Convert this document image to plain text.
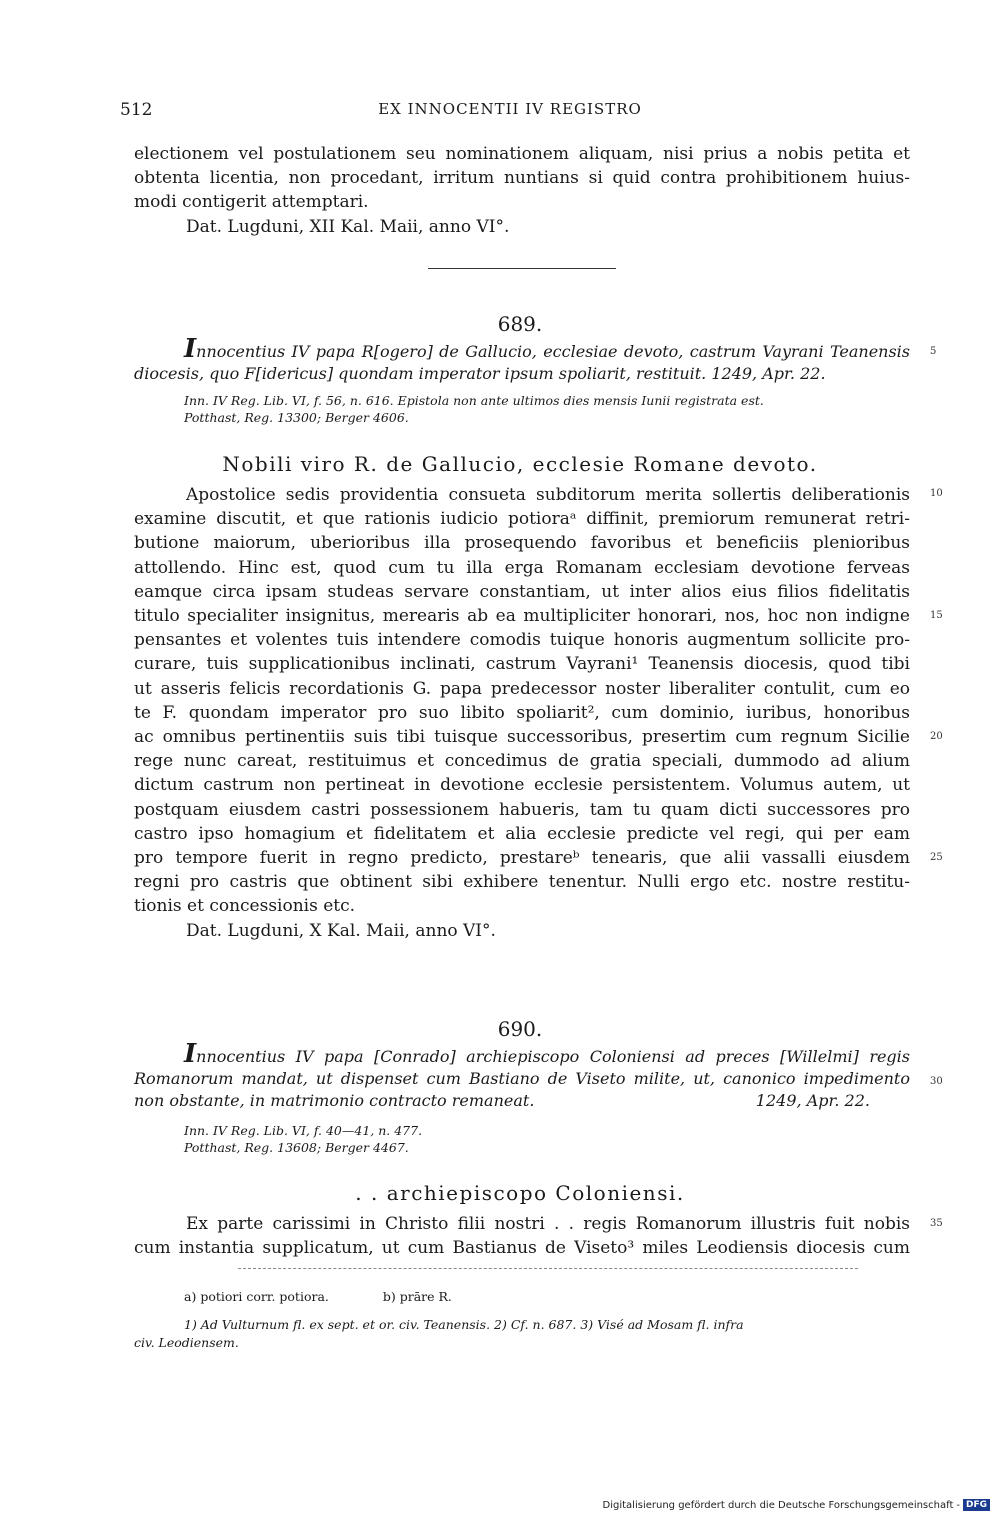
512	EX INNOCENTII IV REGISTRO
electionem vel postulationem seu nominationem aliquam, nisi prius a nobis petita et
obtenta licentia, non procedant, irritum nuntians si quid contra prohibitionem huius-
modi contigerit attemptari.
Dat. Lugduni, XII Kal. Maii, anno VI°.
689.
Innocentius IV papa R[ogero] de Gallucio, ecclesiae devoto, castrum Vayrani Teanensis
diocesis, quo F[idericus] quondam imperator ipsum spoliarit, restituit. 1249, Apr. 22.
Inn. IV Reg. Lib. VI, f. 56, n. 616. Epistola non ante ultimos dies mensis Iunii registrata est.
Potthast, Reg. 13300; Berger 4606.
Nobili viro R. de Gallucio, ecclesie Romane devoto.
Apostolice sedis providentia consueta subditorum merita sollertis deliberationis
examine discutit, et que rationis iudicio potioraᵃ diffinit, premiorum remunerat retri-
butione maiorum, uberioribus illa prosequendo favoribus et beneficiis plenioribus
attollendo. Hinc est, quod cum tu illa erga Romanam ecclesiam devotione ferveas
eamque circa ipsam studeas servare constantiam, ut inter alios eius filios fidelitatis
titulo specialiter insignitus, merearis ab ea multipliciter honorari, nos, hoc non indigne
pensantes et volentes tuis intendere comodis tuique honoris augmentum sollicite pro-
curare, tuis supplicationibus inclinati, castrum Vayrani¹ Teanensis diocesis, quod tibi
ut asseris felicis recordationis G. papa predecessor noster liberaliter contulit, cum eo
te F. quondam imperator pro suo libito spoliarit², cum dominio, iuribus, honoribus
ac omnibus pertinentiis suis tibi tuisque successoribus, presertim cum regnum Sicilie
rege nunc careat, restituimus et concedimus de gratia speciali, dummodo ad alium
dictum castrum non pertineat in devotione ecclesie persistentem. Volumus autem, ut
postquam eiusdem castri possessionem habueris, tam tu quam dicti successores pro
castro ipso homagium et fidelitatem et alia ecclesie predicte vel regi, qui per eam
pro tempore fuerit in regno predicto, prestareᵇ tenearis, que alii vassalli eiusdem
regni pro castris que obtinent sibi exhibere tenentur. Nulli ergo etc. nostre restitu-
tionis et concessionis etc.
Dat. Lugduni, X Kal. Maii, anno VI°.
690.
Innocentius IV papa [Conrado] archiepiscopo Coloniensi ad preces [Willelmi] regis
Romanorum mandat, ut dispenset cum Bastiano de Viseto milite, ut, canonico impedimento
non obstante, in matrimonio contracto remaneat.	1249, Apr. 22.
Inn. IV Reg. Lib. VI, f. 40—41, n. 477.
Potthast, Reg. 13608; Berger 4467.
. . archiepiscopo Coloniensi.
Ex parte carissimi in Christo filii nostri . . regis Romanorum illustris fuit nobis
cum instantia supplicatum, ut cum Bastianus de Viseto³ miles Leodiensis diocesis cum
5
10
15
20
25
30
35
a) potiori corr. potiora.	b) prāre R.
1) Ad Vulturnum fl. ex sept. et or. civ. Teanensis. 2) Cf. n. 687. 3) Visé ad Mosam fl. infra
civ. Leodiensem.
Digitalisierung gefördert durch die Deutsche Forschungsgemeinschaft - DFG
